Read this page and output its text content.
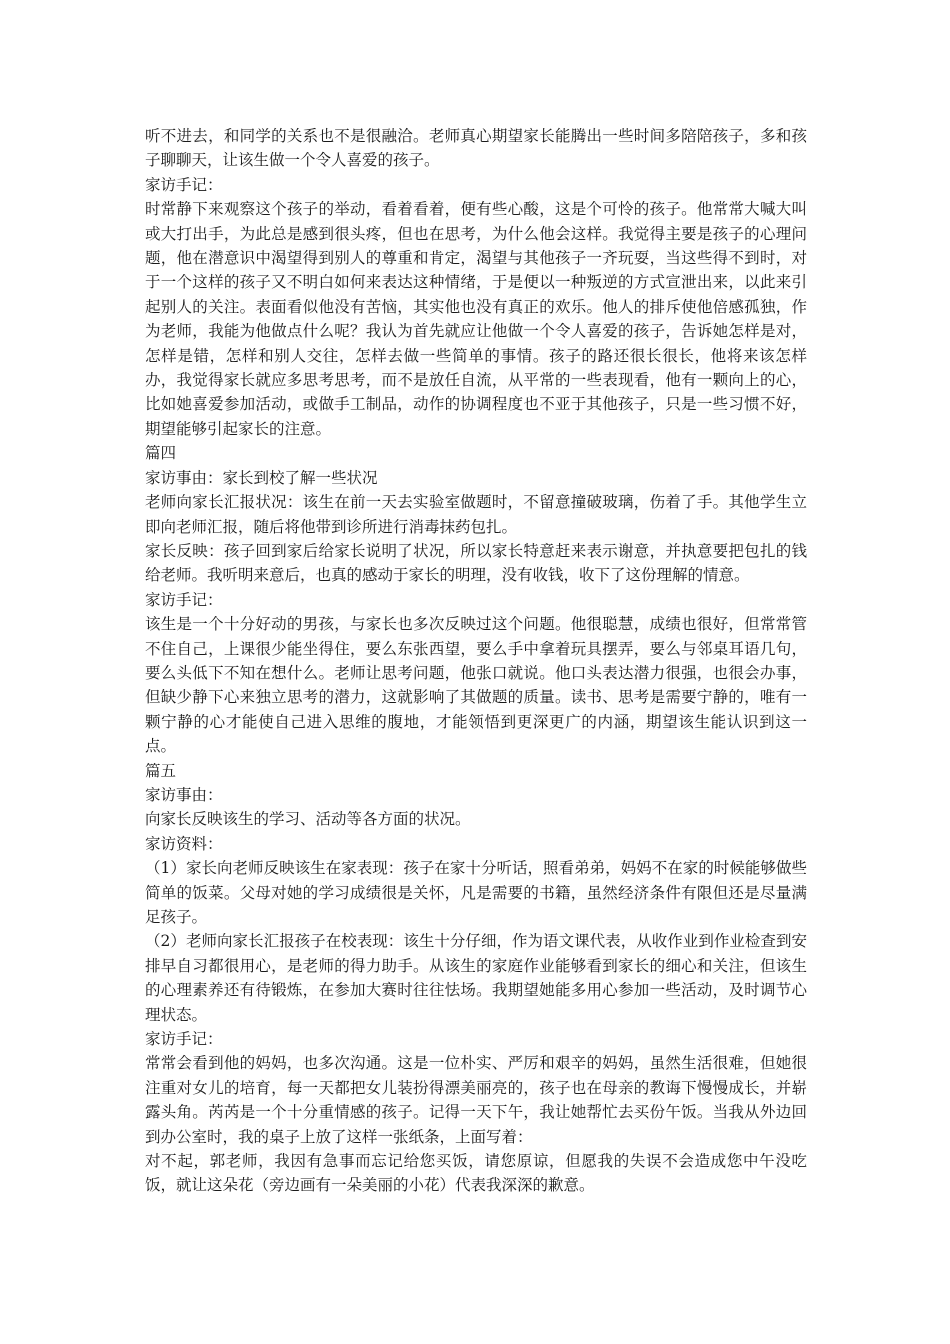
听不进去，和同学的关系也不是很融洽。老师真心期望家长能腾出一些时间多陪陪孩子，多和孩子聊聊天，让该生做一个令人喜爱的孩子。

家访手记：

时常静下来观察这个孩子的举动，看着看着，便有些心酸，这是个可怜的孩子。他常常大喊大叫或大打出手，为此总是感到很头疼，但也在思考，为什么他会这样。我觉得主要是孩子的心理问题，他在潜意识中渴望得到别人的尊重和肯定，渴望与其他孩子一齐玩耍，当这些得不到时，对于一个这样的孩子又不明白如何来表达这种情绪，于是便以一种叛逆的方式宣泄出来，以此来引起别人的关注。表面看似他没有苦恼，其实他也没有真正的欢乐。他人的排斥使他倍感孤独，作为老师，我能为他做点什么呢？我认为首先就应让他做一个令人喜爱的孩子，告诉她怎样是对，怎样是错，怎样和别人交往，怎样去做一些简单的事情。孩子的路还很长很长，他将来该怎样办，我觉得家长就应多思考思考，而不是放任自流，从平常的一些表现看，他有一颗向上的心，比如她喜爱参加活动，或做手工制品，动作的协调程度也不亚于其他孩子，只是一些习惯不好，期望能够引起家长的注意。

篇四

家访事由：家长到校了解一些状况

老师向家长汇报状况：该生在前一天去实验室做题时，不留意撞破玻璃，伤着了手。其他学生立即向老师汇报，随后将他带到诊所进行消毒抹药包扎。

家长反映：孩子回到家后给家长说明了状况，所以家长特意赶来表示谢意，并执意要把包扎的钱给老师。我听明来意后，也真的感动于家长的明理，没有收钱，收下了这份理解的情意。

家访手记：

该生是一个十分好动的男孩，与家长也多次反映过这个问题。他很聪慧，成绩也很好，但常常管不住自己，上课很少能坐得住，要么东张西望，要么手中拿着玩具摆弄，要么与邻桌耳语几句，要么头低下不知在想什么。老师让思考问题，他张口就说。他口头表达潜力很强，也很会办事，但缺少静下心来独立思考的潜力，这就影响了其做题的质量。读书、思考是需要宁静的，唯有一颗宁静的心才能使自己进入思维的腹地，才能领悟到更深更广的内涵，期望该生能认识到这一点。

篇五

家访事由：

向家长反映该生的学习、活动等各方面的状况。

家访资料：

（1）家长向老师反映该生在家表现：孩子在家十分听话，照看弟弟，妈妈不在家的时候能够做些简单的饭菜。父母对她的学习成绩很是关怀，凡是需要的书籍，虽然经济条件有限但还是尽量满足孩子。

（2）老师向家长汇报孩子在校表现：该生十分仔细，作为语文课代表，从收作业到作业检查到安排早自习都很用心，是老师的得力助手。从该生的家庭作业能够看到家长的细心和关注，但该生的心理素养还有待锻炼，在参加大赛时往往怯场。我期望她能多用心参加一些活动，及时调节心理状态。

家访手记：

常常会看到他的妈妈，也多次沟通。这是一位朴实、严厉和艰辛的妈妈，虽然生活很难，但她很注重对女儿的培育，每一天都把女儿装扮得漂美丽亮的，孩子也在母亲的教诲下慢慢成长，并崭露头角。芮芮是一个十分重情感的孩子。记得一天下午，我让她帮忙去买份午饭。当我从外边回到办公室时，我的桌子上放了这样一张纸条，上面写着：

对不起，郭老师，我因有急事而忘记给您买饭，请您原谅，但愿我的失误不会造成您中午没吃饭，就让这朵花（旁边画有一朵美丽的小花）代表我深深的歉意。
